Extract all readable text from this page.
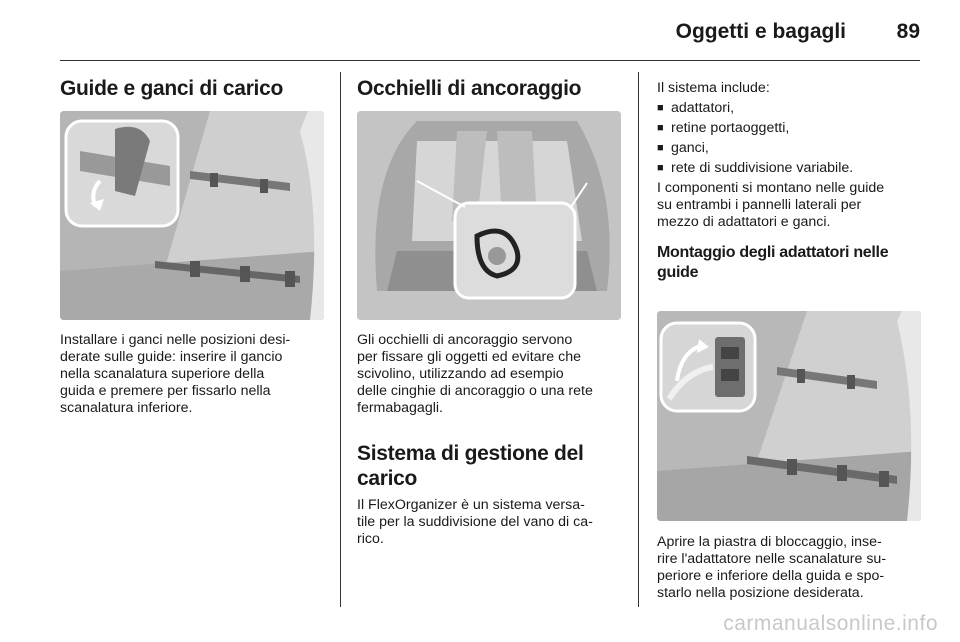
Oggetti e bagagli 89
Guide e ganci di carico

Installare i ganci nelle posizioni desi-
derate sulle guide: inserire il gancio
nella scanalatura superiore della
guida e premere per fissarlo nella
scanalatura inferiore.

Occhielli di ancoraggio

Gli occhielli di ancoraggio servono
per fissare gli oggetti ed evitare che
scivolino, utilizzando ad esempio
delle cinghie di ancoraggio o una rete
fermabagagli.

Sistema di gestione del
carico

Il FlexOrganizer è un sistema versa-
tile per la suddivisione del vano di ca-
rico.

Il sistema include:

■ adattatori,
■ retine portaoggetti,
■ ganci,
■ rete di suddivisione variabile.

I componenti si montano nelle guide
su entrambi i pannelli laterali per
mezzo di adattatori e ganci.

Montaggio degli adattatori nelle
guide

Aprire la piastra di bloccaggio, inse-
rire l'adattatore nelle scanalature su-
periore e inferiore della guida e spo-
starlo nella posizione desiderata.

carmanualsonline.info
